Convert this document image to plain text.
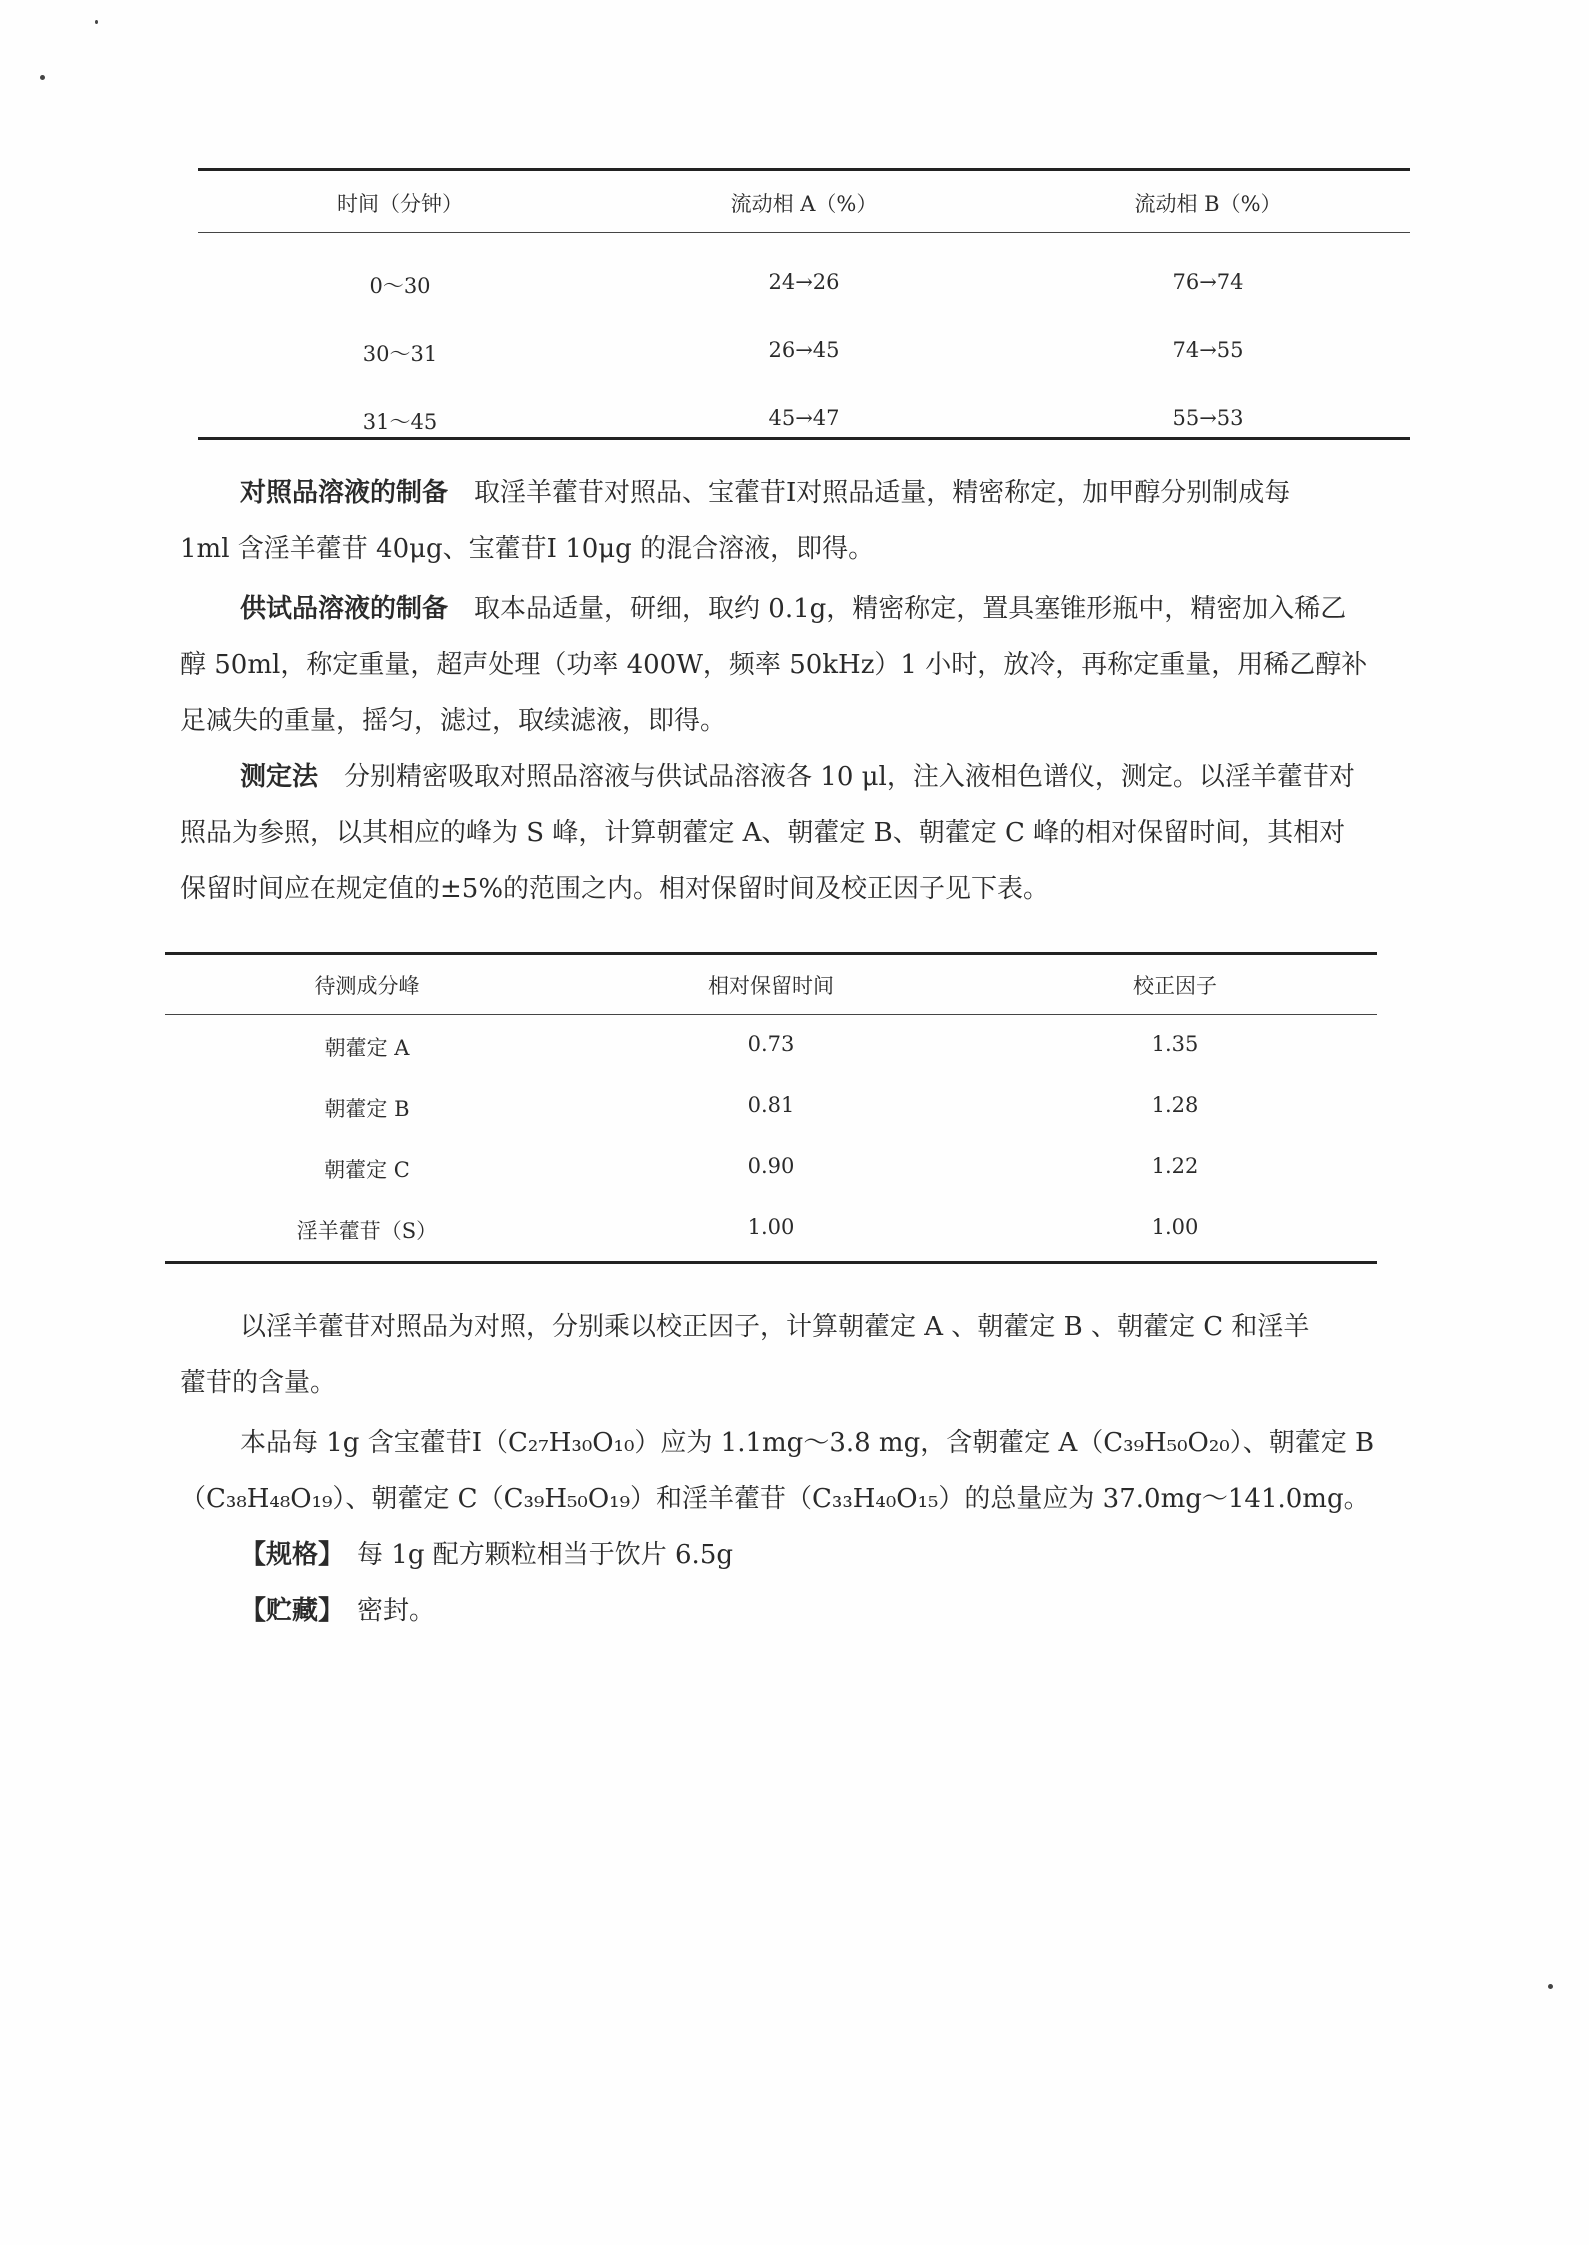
时间（分钟）	流动相 A（%）	流动相 B（%）
0～30	24→26	76→74
30～31	26→45	74→55
31～45	45→47	55→53
对照品溶液的制备　 取淫羊藿苷对照品、宝藿苷Ⅰ对照品适量，精密称定，加甲醇分别制成每
1ml 含淫羊藿苷 40μg、宝藿苷Ⅰ 10μg 的混合溶液，即得。
供试品溶液的制备　 取本品适量，研细，取约 0.1g，精密称定，置具塞锥形瓶中，精密加入稀乙
醇 50ml，称定重量，超声处理（功率 400W，频率 50kHz）1 小时，放冷，再称定重量，用稀乙醇补
足减失的重量，摇匀，滤过，取续滤液，即得。
测定法　 分别精密吸取对照品溶液与供试品溶液各 10 μl，注入液相色谱仪，测定。以淫羊藿苷对
照品为参照，以其相应的峰为 S 峰，计算朝藿定 A、朝藿定 B、朝藿定 C 峰的相对保留时间，其相对
保留时间应在规定值的±5%的范围之内。相对保留时间及校正因子见下表。
待测成分峰	相对保留时间	校正因子
朝藿定 A	0.73	1.35
朝藿定 B	0.81	1.28
朝藿定 C	0.90	1.22
淫羊藿苷（S）	1.00	1.00
以淫羊藿苷对照品为对照，分别乘以校正因子，计算朝藿定 A 、朝藿定 B 、朝藿定 C 和淫羊
藿苷的含量。
本品每 1g 含宝藿苷Ⅰ（C₂₇H₃₀O₁₀）应为 1.1mg～3.8 mg，含朝藿定 A（C₃₉H₅₀O₂₀）、朝藿定 B
（C₃₈H₄₈O₁₉）、朝藿定 C（C₃₉H₅₀O₁₉）和淫羊藿苷（C₃₃H₄₀O₁₅）的总量应为 37.0mg～141.0mg。
【规格】　 每 1g 配方颗粒相当于饮片 6.5g
【贮藏】　 密封。
